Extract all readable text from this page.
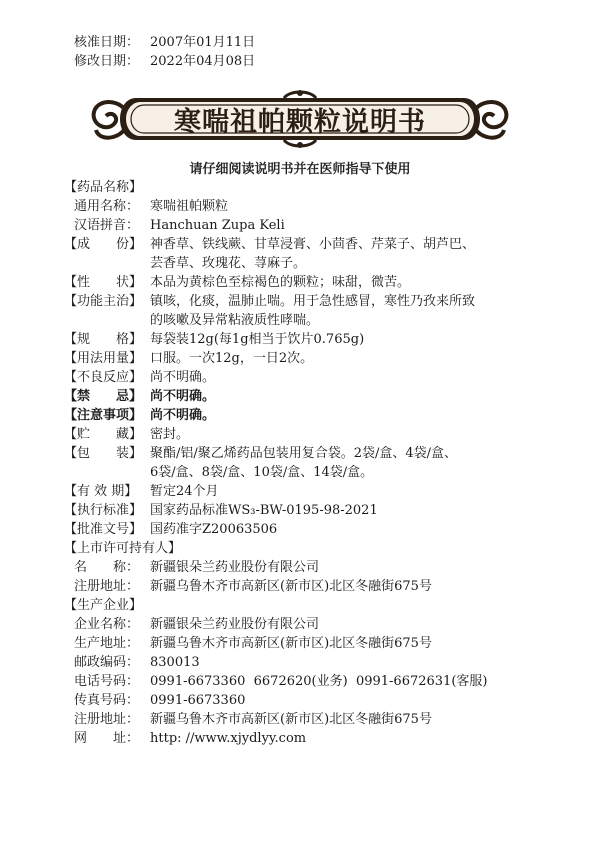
核准日期： 2007年01月11日
修改日期： 2022年04月08日
寒喘祖帕颗粒说明书
请仔细阅读说明书并在医师指导下使用
【药品名称】
通用名称： 寒喘祖帕颗粒
汉语拼音： Hanchuan Zupa Keli
【成　　份】 神香草、铁线蕨、甘草浸膏、小茴香、芹菜子、胡芦巴、
芸香草、玫瑰花、荨麻子。
【性　　状】 本品为黄棕色至棕褐色的颗粒；味甜，微苦。
【功能主治】 镇咳，化痰，温肺止喘。用于急性感冒，寒性乃孜来所致
的咳嗽及异常粘液质性哮喘。
【规　　格】 每袋装12g(每1g相当于饮片0.765g)
【用法用量】 口服。一次12g，一日2次。
【不良反应】 尚不明确。
【禁　　忌】 尚不明确。
【注意事项】 尚不明确。
【贮　　藏】 密封。
【包　　装】 聚酯/铝/聚乙烯药品包装用复合袋。2袋/盒、4袋/盒、
6袋/盒、8袋/盒、10袋/盒、14袋/盒。
【有 效 期】 暂定24个月
【执行标准】 国家药品标准WS₃-BW-0195-98-2021
【批准文号】 国药准字Z20063506
【上市许可持有人】
名　　称： 新疆银朵兰药业股份有限公司
注册地址： 新疆乌鲁木齐市高新区(新市区)北区冬融街675号
【生产企业】
企业名称： 新疆银朵兰药业股份有限公司
生产地址： 新疆乌鲁木齐市高新区(新市区)北区冬融街675号
邮政编码： 830013
电话号码： 0991-6673360  6672620(业务)  0991-6672631(客服)
传真号码： 0991-6673360
注册地址： 新疆乌鲁木齐市高新区(新市区)北区冬融街675号
网　　址： http: //www.xjydlyy.com
